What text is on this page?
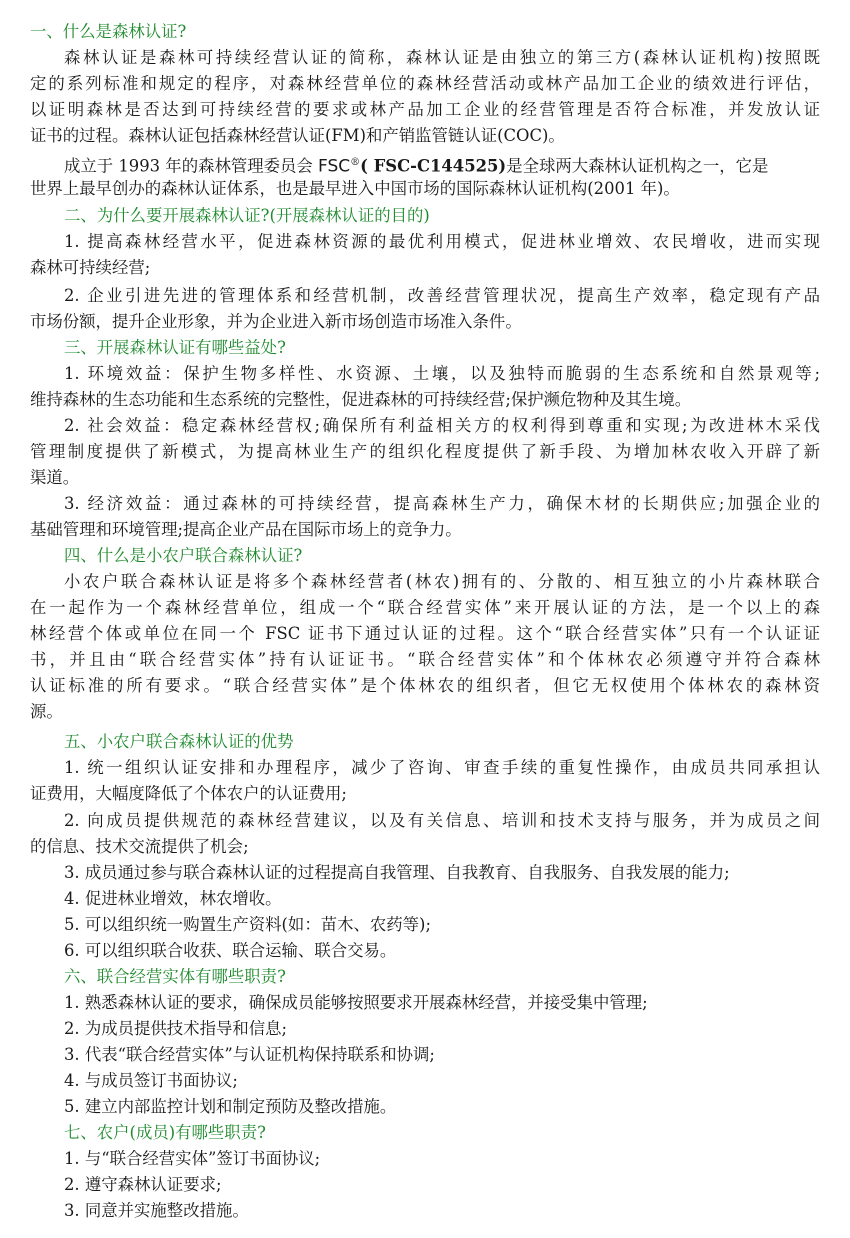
一、什么是森林认证?
森林认证是森林可持续经营认证的简称，森林认证是由独立的第三方(森林认证机构)按照既
定的系列标准和规定的程序，对森林经营单位的森林经营活动或林产品加工企业的绩效进行评估，
以证明森林是否达到可持续经营的要求或林产品加工企业的经营管理是否符合标准，并发放认证
证书的过程。森林认证包括森林经营认证(FM)和产销监管链认证(COC)。
成立于 1993 年的森林管理委员会 FSC®( FSC-C144525)是全球两大森林认证机构之一，它是
世界上最早创办的森林认证体系，也是最早进入中国市场的国际森林认证机构(2001 年)。
二、为什么要开展森林认证?(开展森林认证的目的)
1. 提高森林经营水平，促进森林资源的最优利用模式，促进林业增效、农民增收，进而实现
森林可持续经营;
2. 企业引进先进的管理体系和经营机制，改善经营管理状况，提高生产效率，稳定现有产品
市场份额，提升企业形象，并为企业进入新市场创造市场准入条件。
三、开展森林认证有哪些益处?
1. 环境效益：保护生物多样性、水资源、土壤，以及独特而脆弱的生态系统和自然景观等;
维持森林的生态功能和生态系统的完整性，促进森林的可持续经营;保护濒危物种及其生境。
2. 社会效益：稳定森林经营权;确保所有利益相关方的权利得到尊重和实现;为改进林木采伐
管理制度提供了新模式，为提高林业生产的组织化程度提供了新手段、为增加林农收入开辟了新
渠道。
3. 经济效益：通过森林的可持续经营，提高森林生产力，确保木材的长期供应;加强企业的
基础管理和环境管理;提高企业产品在国际市场上的竞争力。
四、什么是小农户联合森林认证?
小农户联合森林认证是将多个森林经营者(林农)拥有的、分散的、相互独立的小片森林联合
在一起作为一个森林经营单位，组成一个“联合经营实体”来开展认证的方法，是一个以上的森
林经营个体或单位在同一个 FSC 证书下通过认证的过程。这个“联合经营实体”只有一个认证证
书，并且由“联合经营实体”持有认证证书。“联合经营实体”和个体林农必须遵守并符合森林
认证标准的所有要求。“联合经营实体”是个体林农的组织者，但它无权使用个体林农的森林资
源。
五、小农户联合森林认证的优势
1. 统一组织认证安排和办理程序，减少了咨询、审查手续的重复性操作，由成员共同承担认
证费用，大幅度降低了个体农户的认证费用;
2. 向成员提供规范的森林经营建议，以及有关信息、培训和技术支持与服务，并为成员之间
的信息、技术交流提供了机会;
3. 成员通过参与联合森林认证的过程提高自我管理、自我教育、自我服务、自我发展的能力;
4. 促进林业增效，林农增收。
5. 可以组织统一购置生产资料(如：苗木、农药等);
6. 可以组织联合收获、联合运输、联合交易。
六、联合经营实体有哪些职责?
1. 熟悉森林认证的要求，确保成员能够按照要求开展森林经营，并接受集中管理;
2. 为成员提供技术指导和信息;
3. 代表“联合经营实体”与认证机构保持联系和协调;
4. 与成员签订书面协议;
5. 建立内部监控计划和制定预防及整改措施。
七、农户(成员)有哪些职责?
1. 与“联合经营实体”签订书面协议;
2. 遵守森林认证要求;
3. 同意并实施整改措施。
